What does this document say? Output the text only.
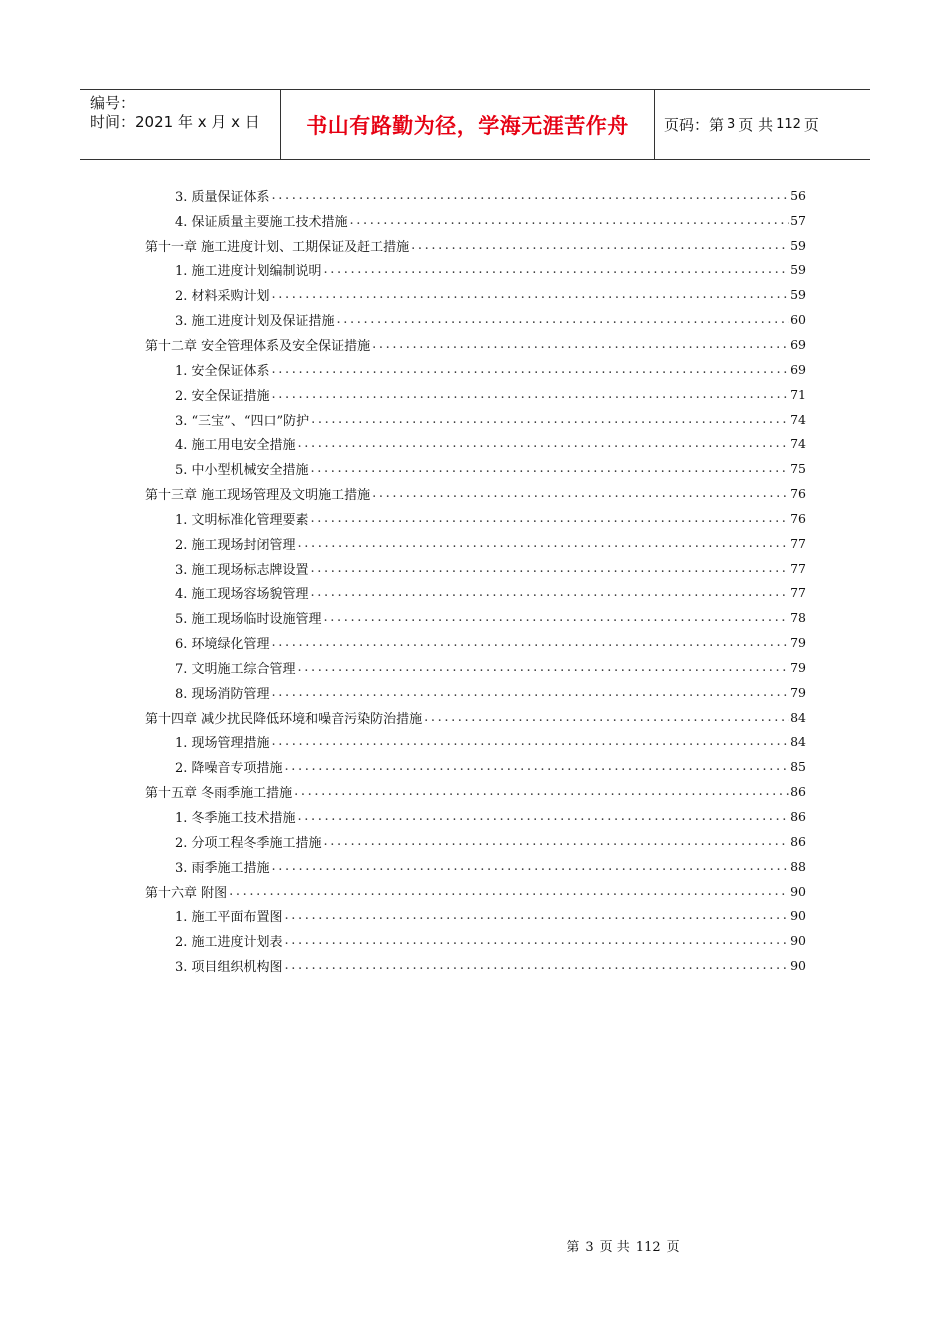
编号：
时间：2021 年 x 月 x 日	书山有路勤为径，学海无涯苦作舟	页码：第 3 页 共 112 页
3. 质量保证体系 .....	56
4. 保证质量主要施工技术措施 .....	57
第十一章 施工进度计划、工期保证及赶工措施 .....	59
1. 施工进度计划编制说明 .....	59
2. 材料采购计划 .....	59
3. 施工进度计划及保证措施 .....	60
第十二章 安全管理体系及安全保证措施 .....	69
1. 安全保证体系 .....	69
2. 安全保证措施 .....	71
3. “三宝”、“四口”防护 .....	74
4. 施工用电安全措施 .....	74
5. 中小型机械安全措施 .....	75
第十三章 施工现场管理及文明施工措施 .....	76
1. 文明标准化管理要素 .....	76
2. 施工现场封闭管理 .....	77
3. 施工现场标志牌设置 .....	77
4. 施工现场容场貌管理 .....	77
5. 施工现场临时设施管理 .....	78
6. 环境绿化管理 .....	79
7. 文明施工综合管理 .....	79
8. 现场消防管理 .....	79
第十四章 减少扰民降低环境和噪音污染防治措施 .....	84
1. 现场管理措施 .....	84
2. 降噪音专项措施 .....	85
第十五章 冬雨季施工措施 .....	86
1. 冬季施工技术措施 .....	86
2. 分项工程冬季施工措施 .....	86
3. 雨季施工措施 .....	88
第十六章 附图 .....	90
1. 施工平面布置图 .....	90
2. 施工进度计划表 .....	90
3. 项目组织机构图 .....	90
第 3 页 共 112 页
